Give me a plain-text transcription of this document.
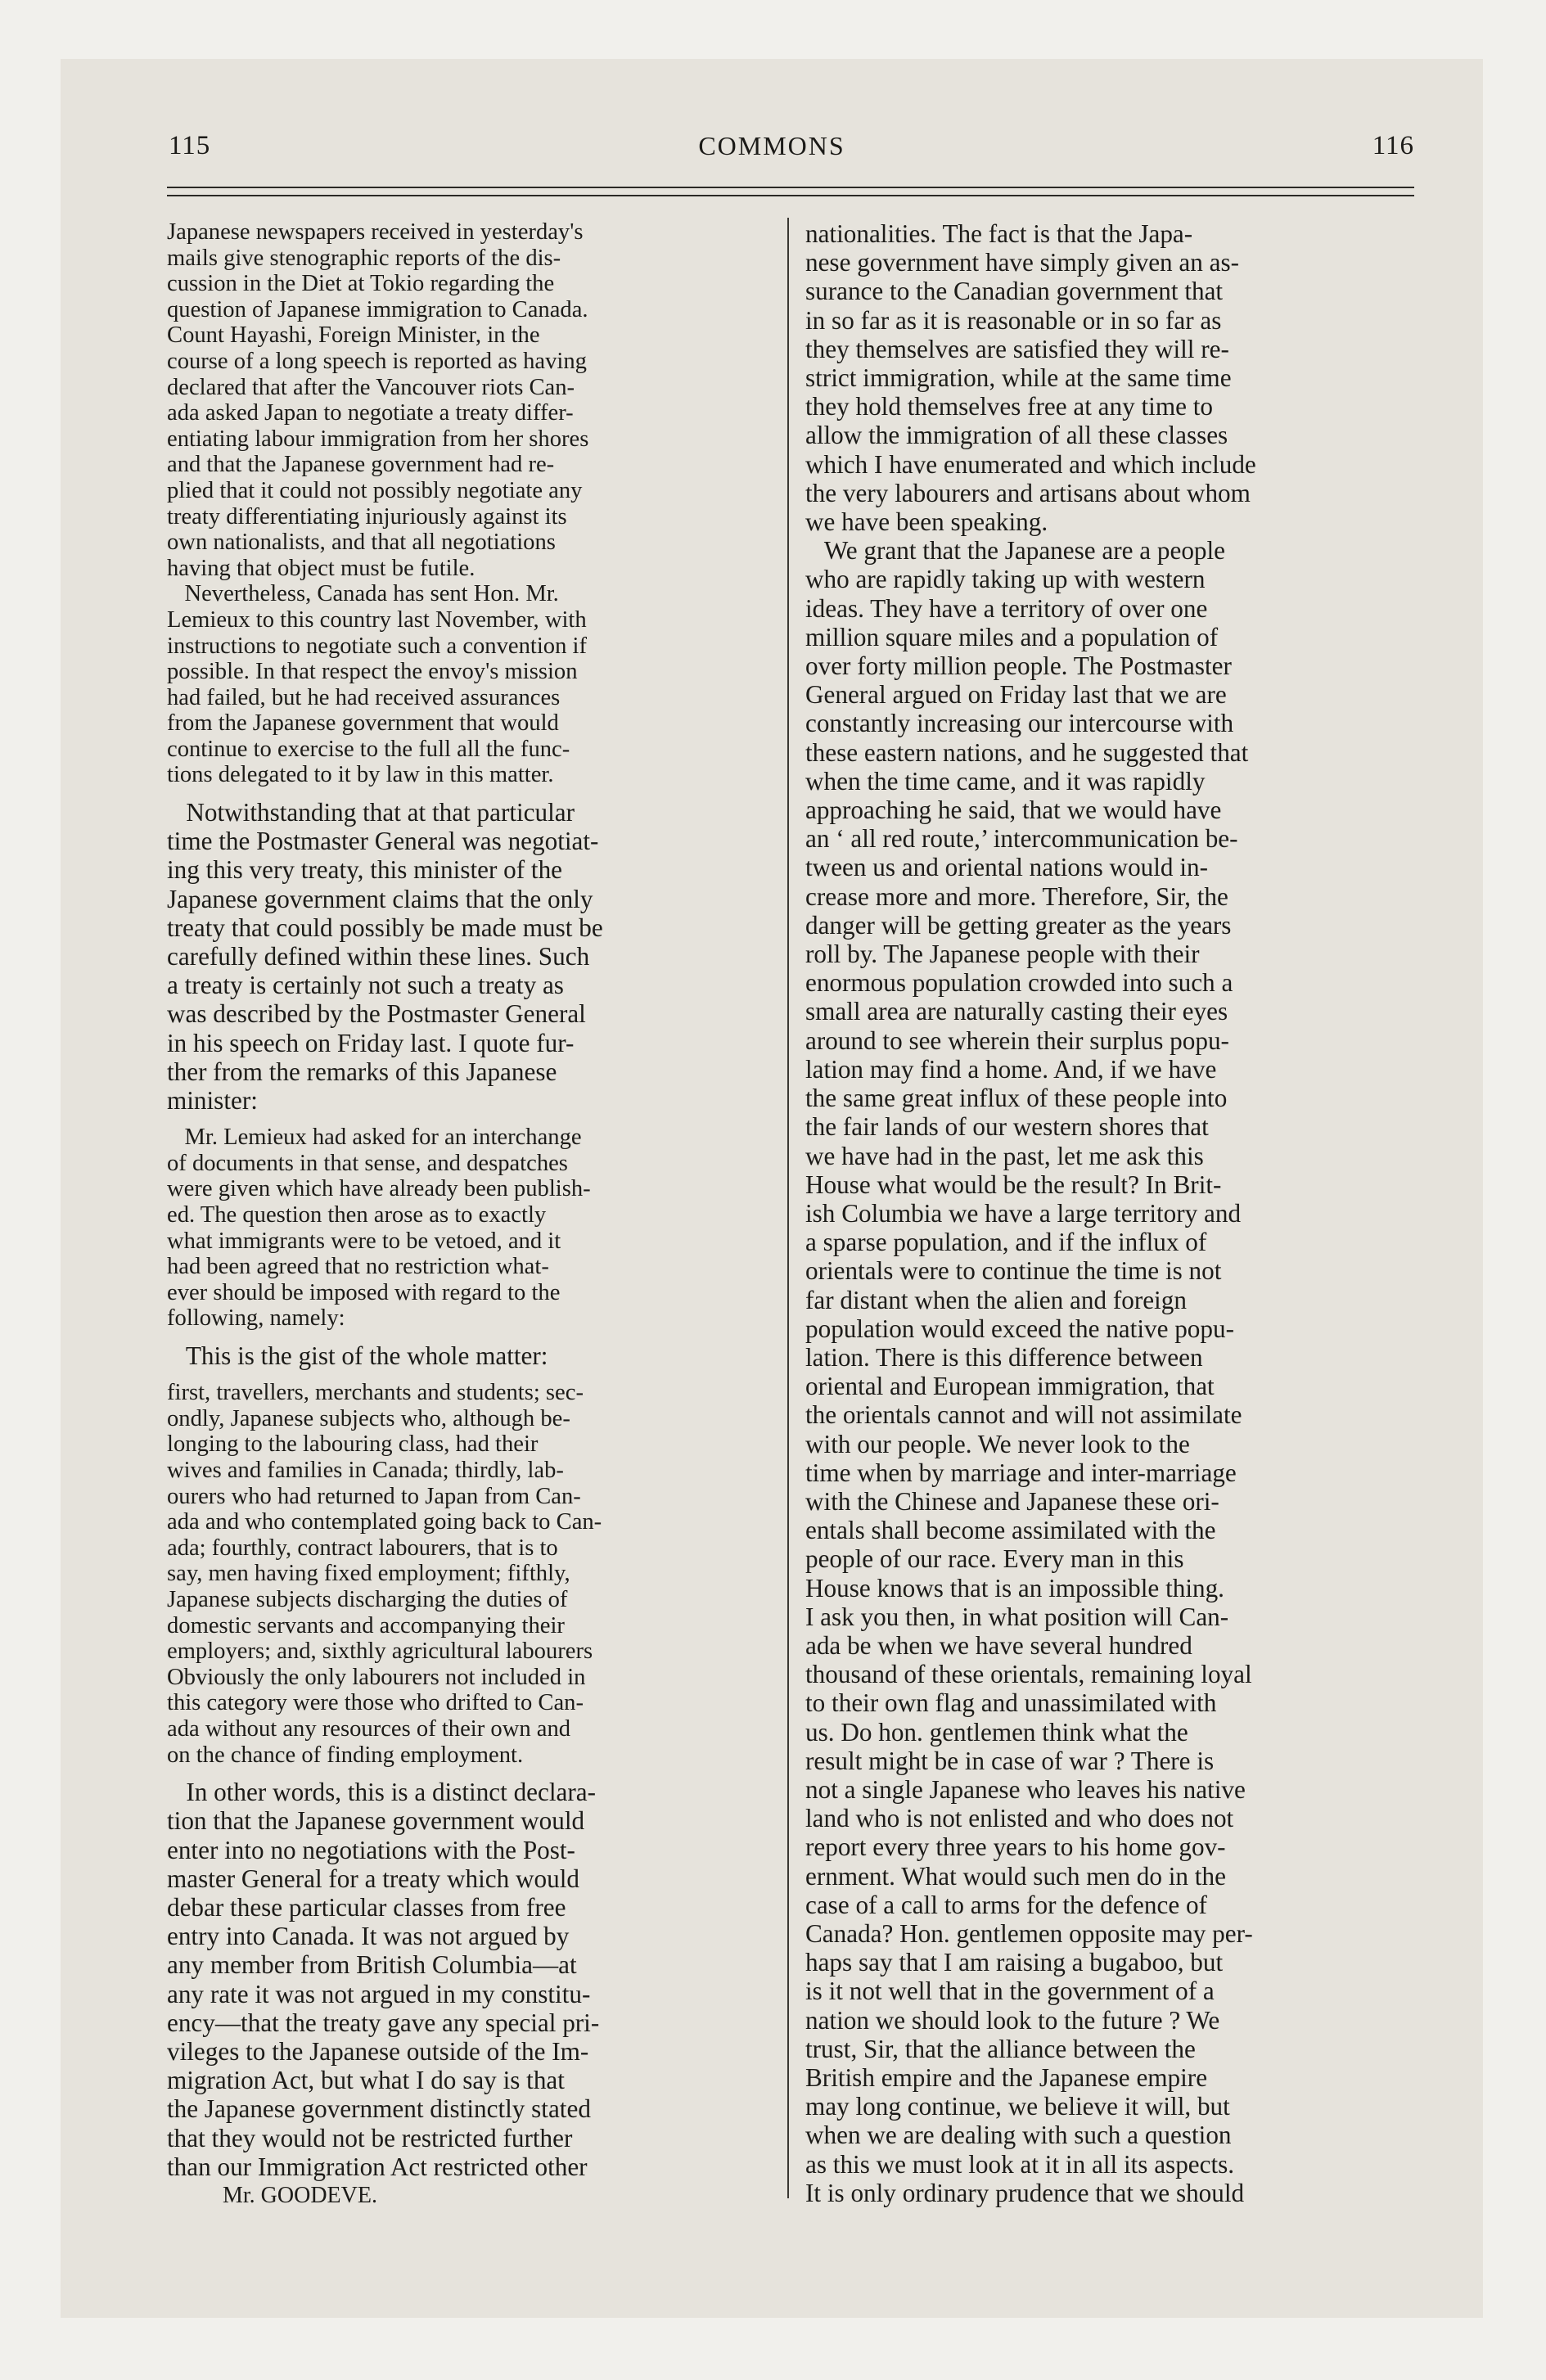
115	COMMONS	116

Japanese newspapers received in yesterday's
mails give stenographic reports of the dis-
cussion in the Diet at Tokio regarding the
question of Japanese immigration to Canada.
Count Hayashi, Foreign Minister, in the
course of a long speech is reported as having
declared that after the Vancouver riots Can-
ada asked Japan to negotiate a treaty differ-
entiating labour immigration from her shores
and that the Japanese government had re-
plied that it could not possibly negotiate any
treaty differentiating injuriously against its
own nationalists, and that all negotiations
having that object must be futile.

Nevertheless, Canada has sent Hon. Mr.
Lemieux to this country last November, with
instructions to negotiate such a convention if
possible. In that respect the envoy's mission
had failed, but he had received assurances
from the Japanese government that would
continue to exercise to the full all the func-
tions delegated to it by law in this matter.

Notwithstanding that at that particular
time the Postmaster General was negotiat-
ing this very treaty, this minister of the
Japanese government claims that the only
treaty that could possibly be made must be
carefully defined within these lines. Such
a treaty is certainly not such a treaty as
was described by the Postmaster General
in his speech on Friday last. I quote fur-
ther from the remarks of this Japanese
minister:

Mr. Lemieux had asked for an interchange
of documents in that sense, and despatches
were given which have already been publish-
ed. The question then arose as to exactly
what immigrants were to be vetoed, and it
had been agreed that no restriction what-
ever should be imposed with regard to the
following, namely:

This is the gist of the whole matter:

first, travellers, merchants and students; sec-
ondly, Japanese subjects who, although be-
longing to the labouring class, had their
wives and families in Canada; thirdly, lab-
ourers who had returned to Japan from Can-
ada and who contemplated going back to Can-
ada; fourthly, contract labourers, that is to
say, men having fixed employment; fifthly,
Japanese subjects discharging the duties of
domestic servants and accompanying their
employers; and, sixthly agricultural labourers
Obviously the only labourers not included in
this category were those who drifted to Can-
ada without any resources of their own and
on the chance of finding employment.

In other words, this is a distinct declara-
tion that the Japanese government would
enter into no negotiations with the Post-
master General for a treaty which would
debar these particular classes from free
entry into Canada. It was not argued by
any member from British Columbia—at
any rate it was not argued in my constitu-
ency—that the treaty gave any special pri-
vileges to the Japanese outside of the Im-
migration Act, but what I do say is that
the Japanese government distinctly stated
that they would not be restricted further
than our Immigration Act restricted other

Mr. GOODEVE.

nationalities. The fact is that the Japa-
nese government have simply given an as-
surance to the Canadian government that
in so far as it is reasonable or in so far as
they themselves are satisfied they will re-
strict immigration, while at the same time
they hold themselves free at any time to
allow the immigration of all these classes
which I have enumerated and which include
the very labourers and artisans about whom
we have been speaking.

We grant that the Japanese are a people
who are rapidly taking up with western
ideas. They have a territory of over one
million square miles and a population of
over forty million people. The Postmaster
General argued on Friday last that we are
constantly increasing our intercourse with
these eastern nations, and he suggested that
when the time came, and it was rapidly
approaching he said, that we would have
an ‘ all red route,’ intercommunication be-
tween us and oriental nations would in-
crease more and more. Therefore, Sir, the
danger will be getting greater as the years
roll by. The Japanese people with their
enormous population crowded into such a
small area are naturally casting their eyes
around to see wherein their surplus popu-
lation may find a home. And, if we have
the same great influx of these people into
the fair lands of our western shores that
we have had in the past, let me ask this
House what would be the result? In Brit-
ish Columbia we have a large territory and
a sparse population, and if the influx of
orientals were to continue the time is not
far distant when the alien and foreign
population would exceed the native popu-
lation. There is this difference between
oriental and European immigration, that
the orientals cannot and will not assimilate
with our people. We never look to the
time when by marriage and inter-marriage
with the Chinese and Japanese these ori-
entals shall become assimilated with the
people of our race. Every man in this
House knows that is an impossible thing.
I ask you then, in what position will Can-
ada be when we have several hundred
thousand of these orientals, remaining loyal
to their own flag and unassimilated with
us. Do hon. gentlemen think what the
result might be in case of war ? There is
not a single Japanese who leaves his native
land who is not enlisted and who does not
report every three years to his home gov-
ernment. What would such men do in the
case of a call to arms for the defence of
Canada? Hon. gentlemen opposite may per-
haps say that I am raising a bugaboo, but
is it not well that in the government of a
nation we should look to the future ? We
trust, Sir, that the alliance between the
British empire and the Japanese empire
may long continue, we believe it will, but
when we are dealing with such a question
as this we must look at it in all its aspects.
It is only ordinary prudence that we should
